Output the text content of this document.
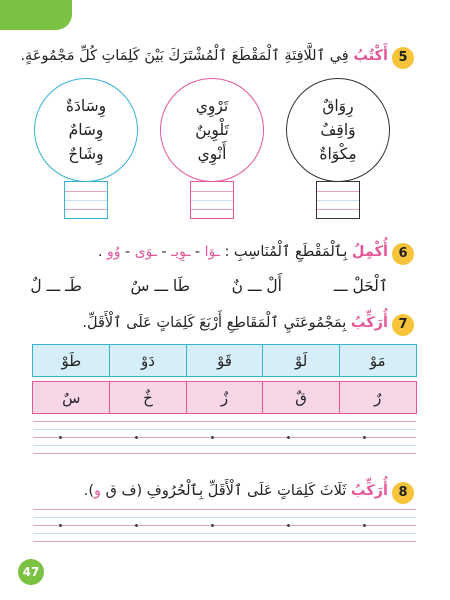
5
أَكْتُبُ فِي ٱللَّافِتَةِ ٱلْمَقْطَعَ ٱلْمُشْتَرَكَ بَيْنَ كَلِمَاتِ كُلِّ مَجْمُوعَةٍ.
رِوَاقٌ
وَاقِفٌ
مِكْوَاةٌ
تَرْوِي
تَلْوِينٌ
أَنْوِي
وِسَادَةٌ
وِسَامٌ
وِشَاحٌ
6
أُكْمِلُ بِٱلْمَقْطَعِ ٱلْمُنَاسِبِ : ـوَا - ـوِيـ - ـوَى - وُو .
ٱلْحَلْ ـــ
أَلْ ـــ نٌ
طَا ـــ سٌ
طَـ ـــ لٌ
7
أُرَكِّبُ بِمَجْمُوعَتَيِ ٱلْمَقَاطِعِ أَرْبَعَ كَلِمَاتٍ عَلَى ٱلْأَقَلِّ.
مَوْ
لَوْ
قَوْ
دَوْ
طَوْ
رٌ
قٌ
زٌ
خٌ
سٌ
8
أُرَكِّبُ ثَلَاثَ كَلِمَاتٍ عَلَى ٱلْأَقَلِّ بِٱلْحُرُوفِ (ف ق و).
47
